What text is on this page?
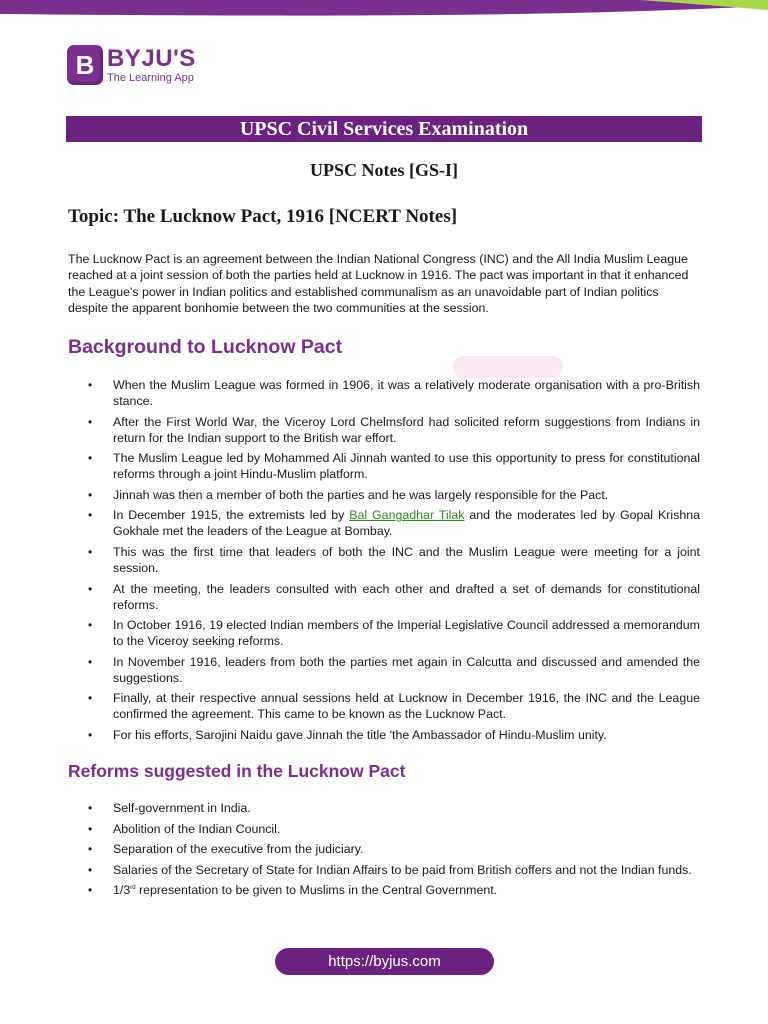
B BYJU'S
The Learning App
UPSC Civil Services Examination
UPSC Notes [GS-I]
Topic: The Lucknow Pact, 1916 [NCERT Notes]

The Lucknow Pact is an agreement between the Indian National Congress (INC) and the All India Muslim League reached at a joint session of both the parties held at Lucknow in 1916. The pact was important in that it enhanced the League's power in Indian politics and established communalism as an unavoidable part of Indian politics despite the apparent bonhomie between the two communities at the session.

Background to Lucknow Pact
• When the Muslim League was formed in 1906, it was a relatively moderate organisation with a pro-British stance.
• After the First World War, the Viceroy Lord Chelmsford had solicited reform suggestions from Indians in return for the Indian support to the British war effort.
• The Muslim League led by Mohammed Ali Jinnah wanted to use this opportunity to press for constitutional reforms through a joint Hindu-Muslim platform.
• Jinnah was then a member of both the parties and he was largely responsible for the Pact.
• In December 1915, the extremists led by Bal Gangadhar Tilak and the moderates led by Gopal Krishna Gokhale met the leaders of the League at Bombay.
• This was the first time that leaders of both the INC and the Muslim League were meeting for a joint session.
• At the meeting, the leaders consulted with each other and drafted a set of demands for constitutional reforms.
• In October 1916, 19 elected Indian members of the Imperial Legislative Council addressed a memorandum to the Viceroy seeking reforms.
• In November 1916, leaders from both the parties met again in Calcutta and discussed and amended the suggestions.
• Finally, at their respective annual sessions held at Lucknow in December 1916, the INC and the League confirmed the agreement. This came to be known as the Lucknow Pact.
• For his efforts, Sarojini Naidu gave Jinnah the title 'the Ambassador of Hindu-Muslim unity.
Reforms suggested in the Lucknow Pact
• Self-government in India.
• Abolition of the Indian Council.
• Separation of the executive from the judiciary.
• Salaries of the Secretary of State for Indian Affairs to be paid from British coffers and not the Indian funds.
• 1/3rd representation to be given to Muslims in the Central Government.
https://byjus.com
